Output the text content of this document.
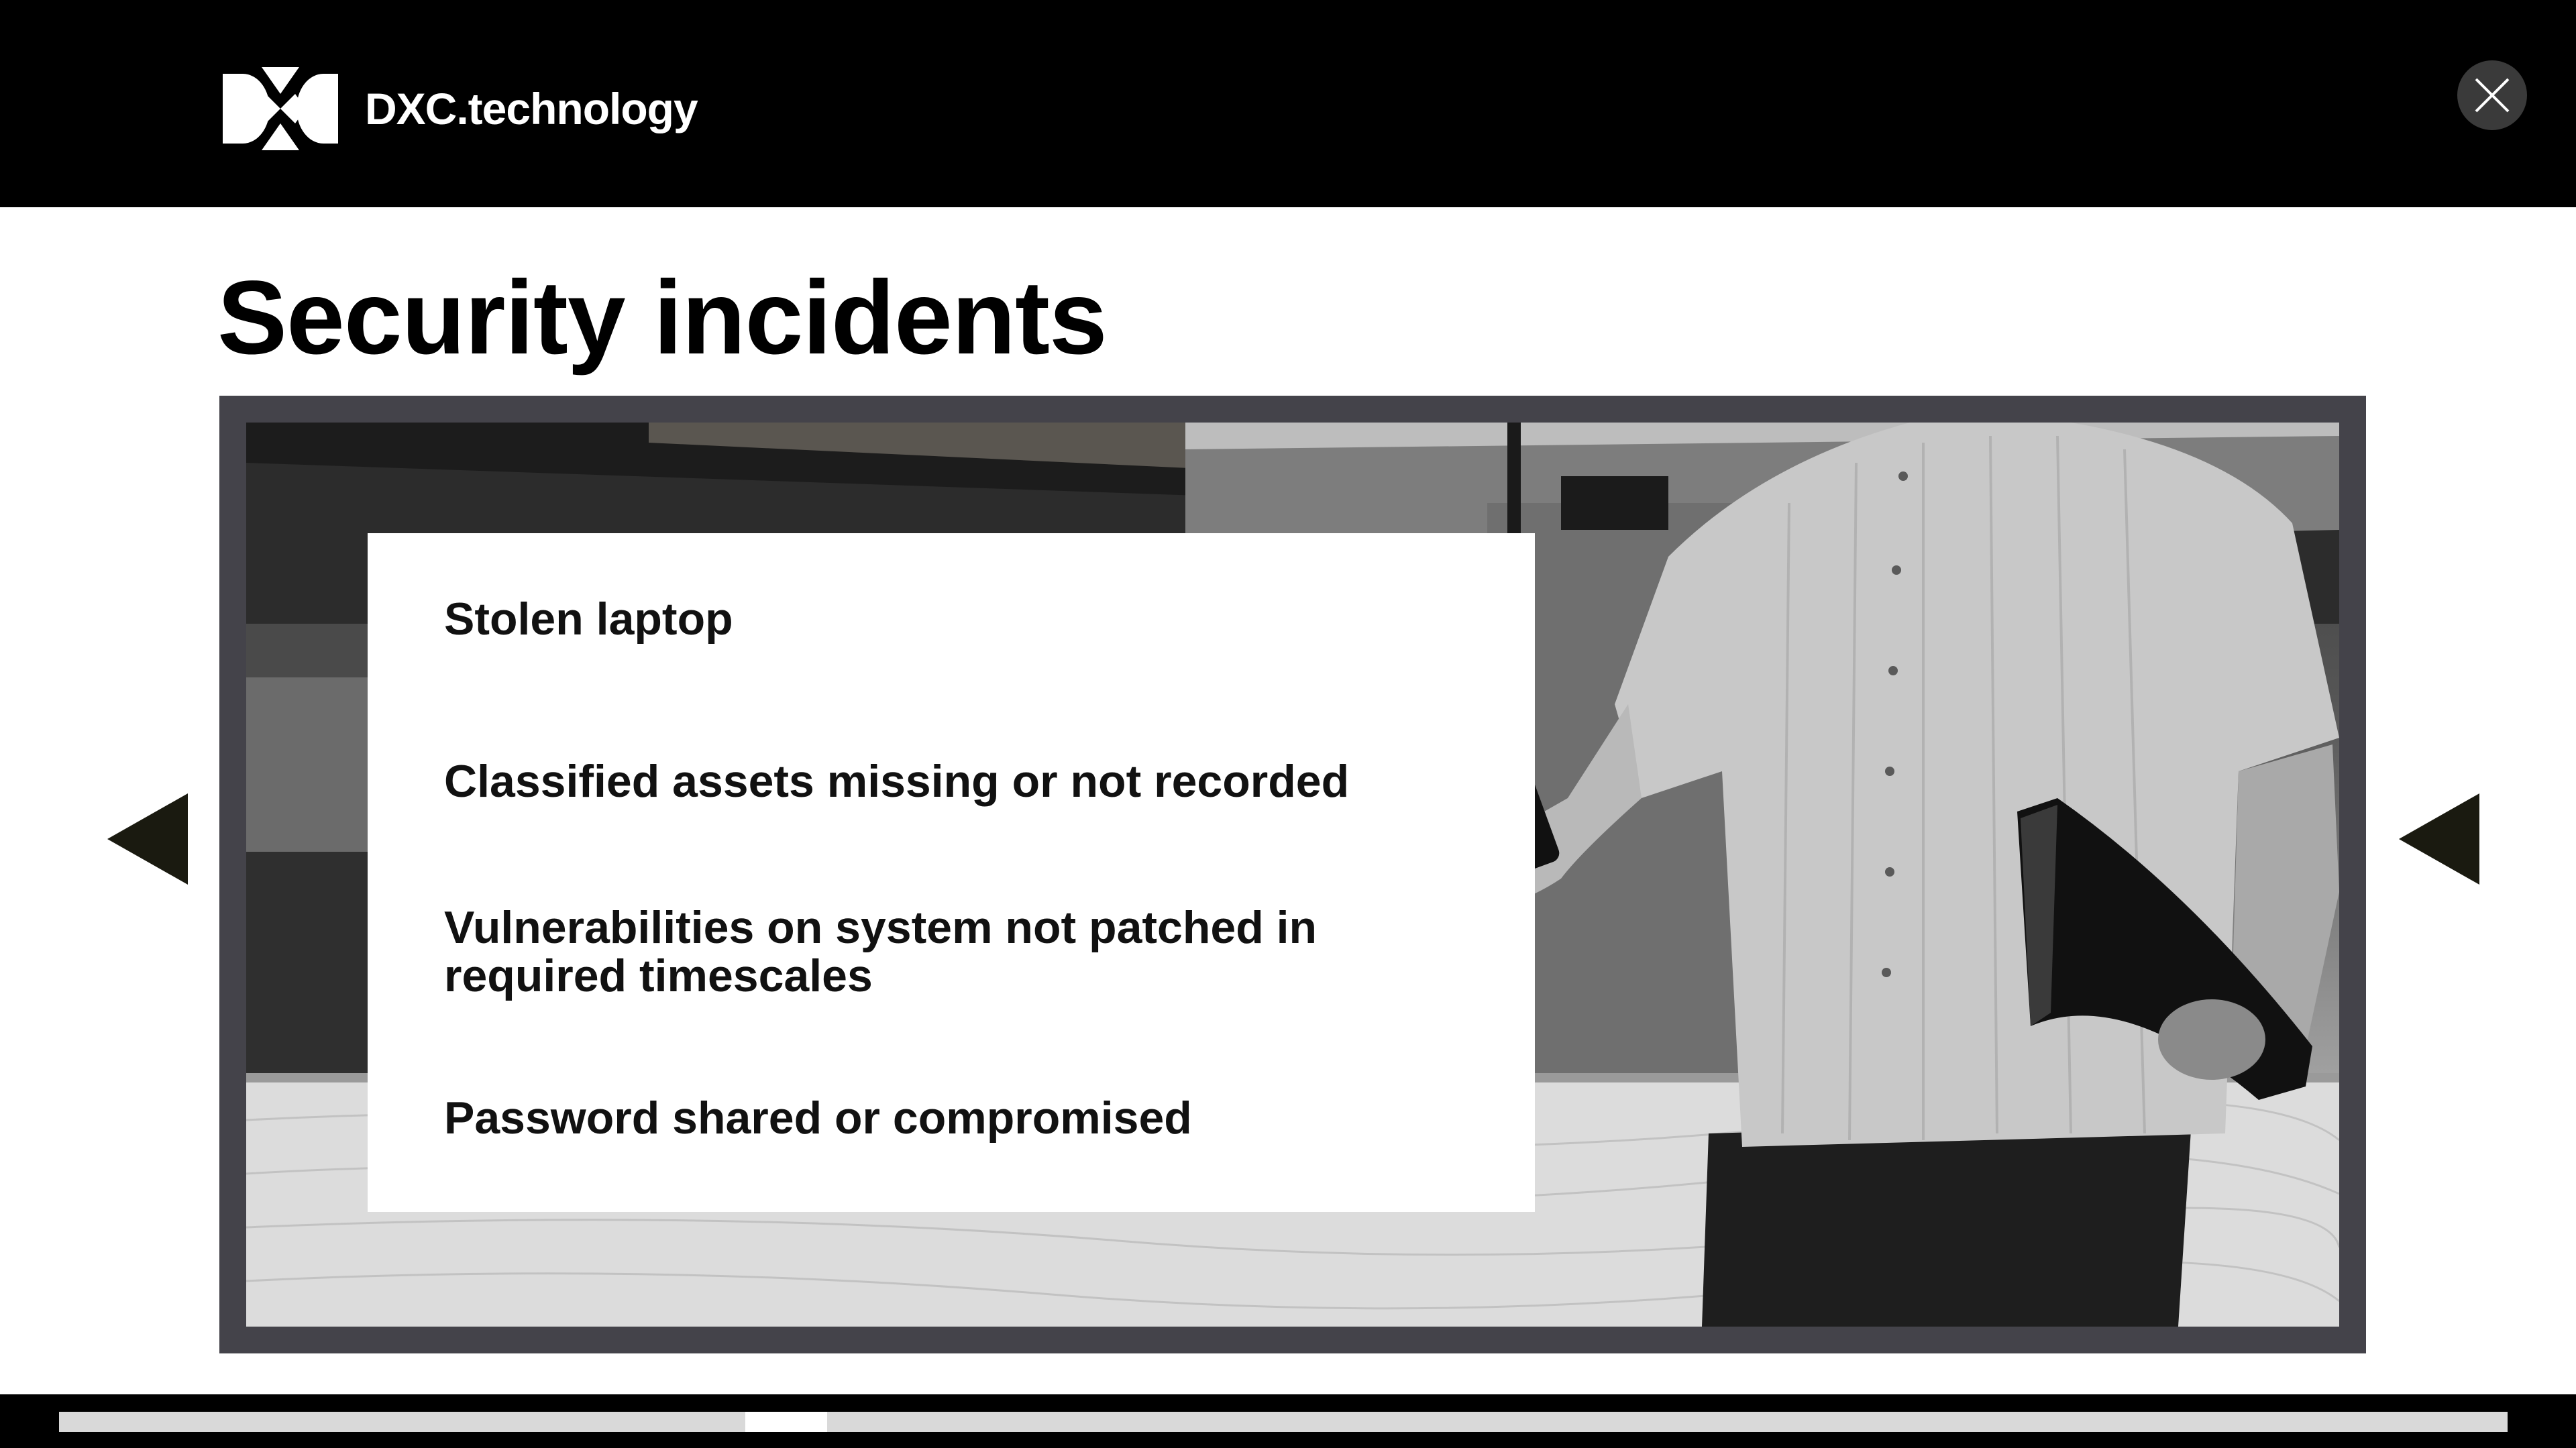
DXC.technology
Security incidents
Stolen laptop
Classified assets missing or not recorded
Vulnerabilities on system not patched in required timescales
Password shared or compromised
